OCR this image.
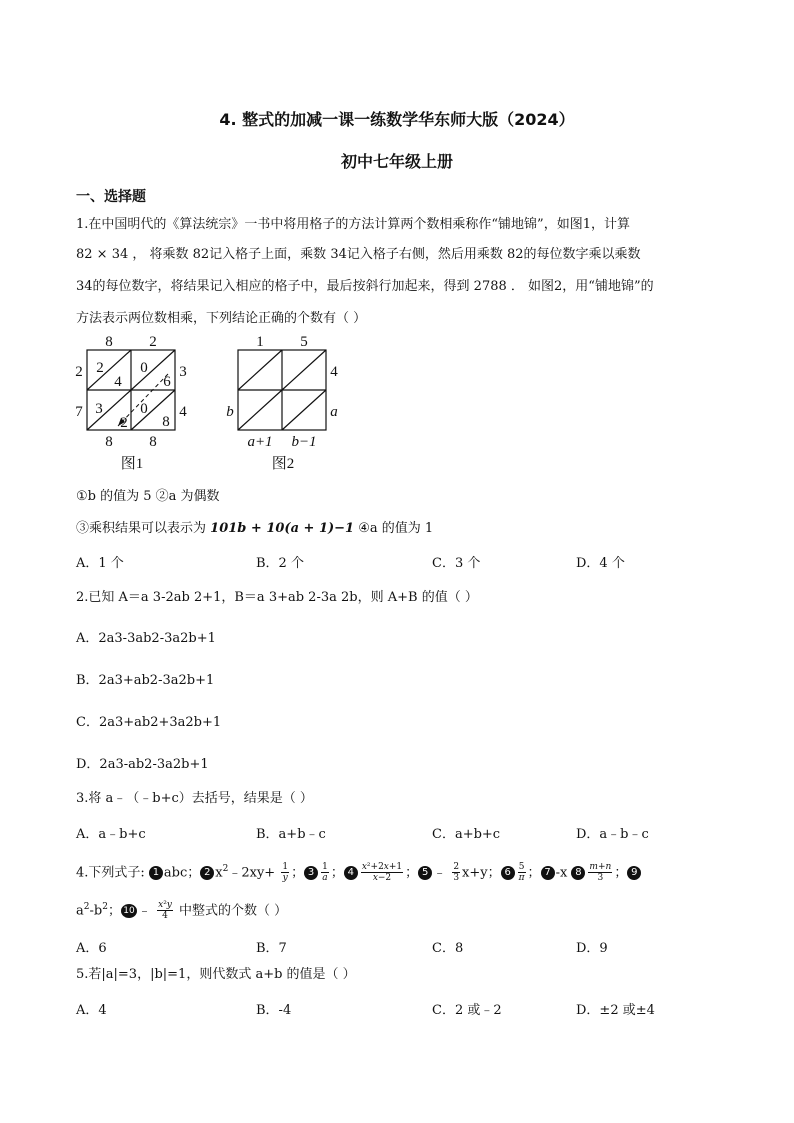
4. 整式的加减一课一练数学华东师大版（2024）
初中七年级上册
一、选择题
1.在中国明代的《算法统宗》一书中将用格子的方法计算两个数相乘称作“铺地锦”，如图1，计算
82 × 34 ， 将乘数 82记入格子上面，乘数 34记入格子右侧，然后用乘数 82的每位数字乘以乘数
34的每位数字，将结果记入相应的格子中，最后按斜行加起来，得到 2788 ． 如图2，用“铺地锦”的
方法表示两位数相乘，下列结论正确的个数有（ ）
8 2
2
7
3
4
2
4
0
6
3
2
0
8
8 8
图1
1 5
b
4
a
a+1 b−1
图2
①b 的值为 5 ②a 为偶数
③乘积结果可以表示为 101b + 10(a + 1)−1 ④a 的值为 1
A．1 个	B．2 个	C．3 个	D．4 个
2.已知 A＝a 3-2ab 2+1，B＝a 3+ab 2-3a 2b，则 A+B 的值（ ）
A．2a3-3ab2-3a2b+1
B．2a3+ab2-3a2b+1
C．2a3+ab2+3a2b+1
D．2a3-ab2-3a2b+1
3.将 a﹣（﹣b+c）去括号，结果是（ ）
A．a﹣b+c	B．a+b﹣c	C．a+b+c	D．a﹣b﹣c
4.下列式子: 1 abc； 2 $x^2﹣2xy+ \frac{1}{y}$ ； $3 \frac{1}{a}$ ； $4 \frac{\text{x²+2x+1}}{x-2}$ ； 5 ﹣ $\frac{2}{3} x+y$； $6 \frac{5}{\pi}$ ； 7 -x $8 \frac{m+n}{3}$ ； 9
$a^2-b^2$； 10 ﹣ $\frac{\text{x²y}}{4}$ 中整式的个数（ ）
A．6	B．7	C．8	D．9
5.若|a|=3，|b|=1，则代数式 a+b 的值是（ ）
A．4	B．-4	C．2 或﹣2	D．±2 或±4
